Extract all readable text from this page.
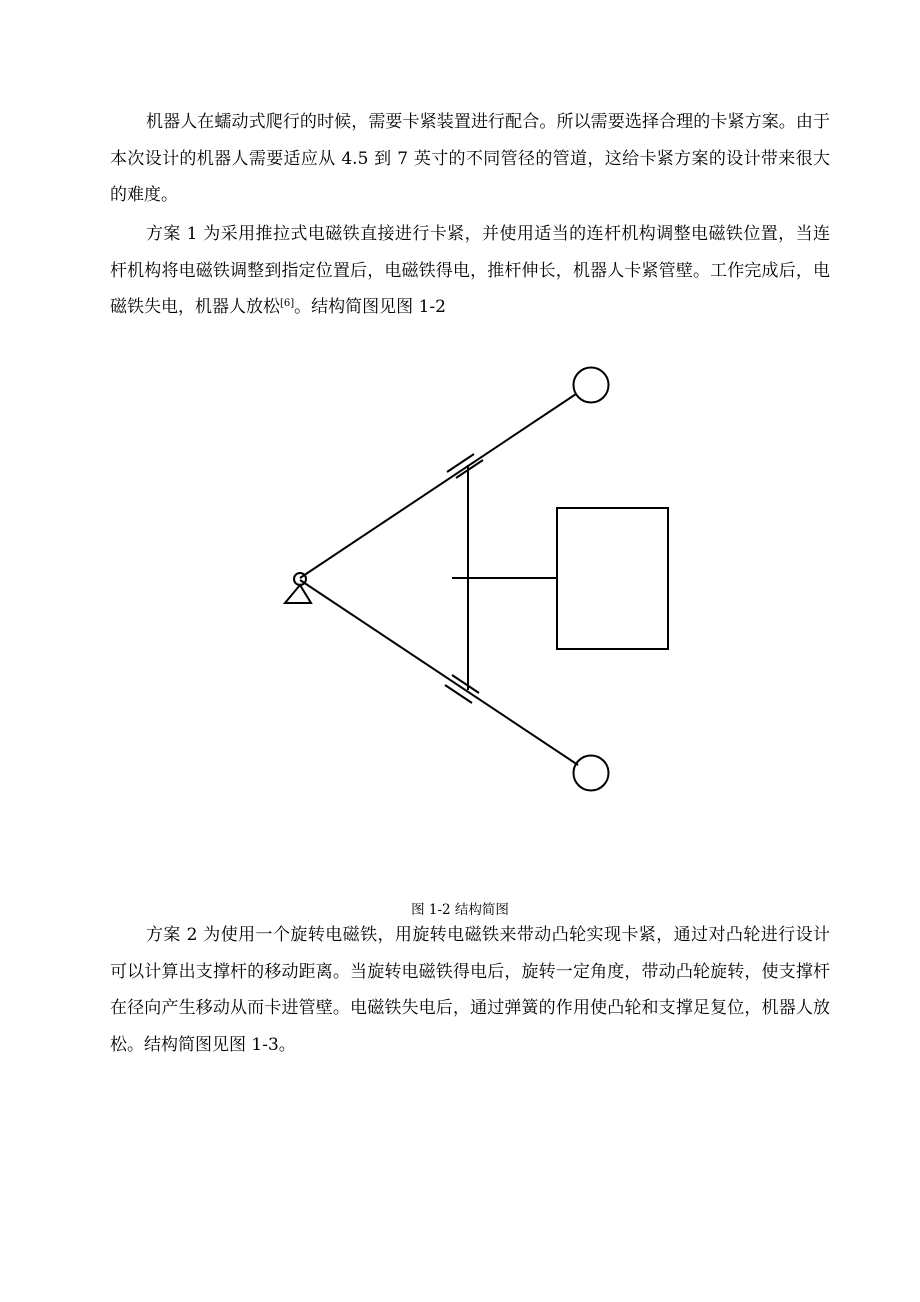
机器人在蠕动式爬行的时候，需要卡紧装置进行配合。所以需要选择合理的卡紧方案。由于本次设计的机器人需要适应从 4.5 到 7 英寸的不同管径的管道，这给卡紧方案的设计带来很大的难度。

方案 1 为采用推拉式电磁铁直接进行卡紧，并使用适当的连杆机构调整电磁铁位置，当连杆机构将电磁铁调整到指定位置后，电磁铁得电，推杆伸长，机器人卡紧管壁。工作完成后，电磁铁失电，机器人放松[6]。结构简图见图 1-2

图 1-2 结构简图

方案 2 为使用一个旋转电磁铁，用旋转电磁铁来带动凸轮实现卡紧，通过对凸轮进行设计可以计算出支撑杆的移动距离。当旋转电磁铁得电后，旋转一定角度，带动凸轮旋转，使支撑杆在径向产生移动从而卡进管壁。电磁铁失电后，通过弹簧的作用使凸轮和支撑足复位，机器人放松。结构简图见图 1-3。
